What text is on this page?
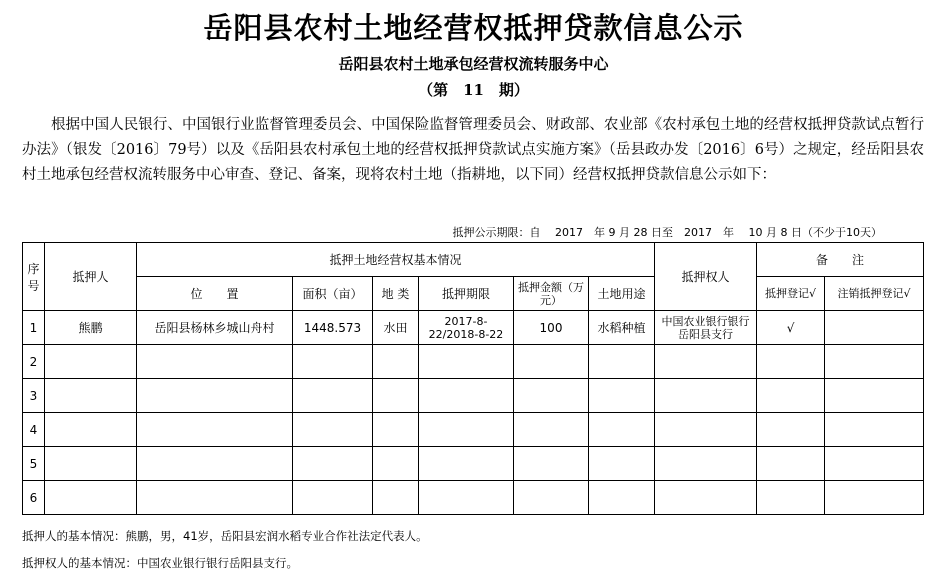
岳阳县农村土地经营权抵押贷款信息公示
岳阳县农村土地承包经营权流转服务中心
（第　11　期）
根据中国人民银行、中国银行业监督管理委员会、中国保险监督管理委员会、财政部、农业部《农村承包土地的经营权抵押贷款试点暂行办法》（银发〔2016〕79号）以及《岳阳县农村承包土地的经营权抵押贷款试点实施方案》（岳县政办发〔2016〕6号）之规定，经岳阳县农村土地承包经营权流转服务中心审查、登记、备案，现将农村土地（指耕地，以下同）经营权抵押贷款信息公示如下：
抵押公示期限：自　 2017　年 9 月 28 日至　2017　年　 10 月 8 日（不少于10天）
序号	抵押人	抵押土地经营权基本情况						抵押权人	备　　注	
		位　　置	面积（亩）	地 类	抵押期限	抵押金额（万元）	土地用途		抵押登记√	注销抵押登记√
1	熊鹏	岳阳县杨林乡城山舟村	1448.573	水田	2017-8-22/2018-8-22	100	水稻种植	中国农业银行银行岳阳县支行	√	
2										
3										
4										
5										
6										
抵押人的基本情况：熊鹏，男，41岁，岳阳县宏润水稻专业合作社法定代表人。
抵押权人的基本情况：中国农业银行银行岳阳县支行。
